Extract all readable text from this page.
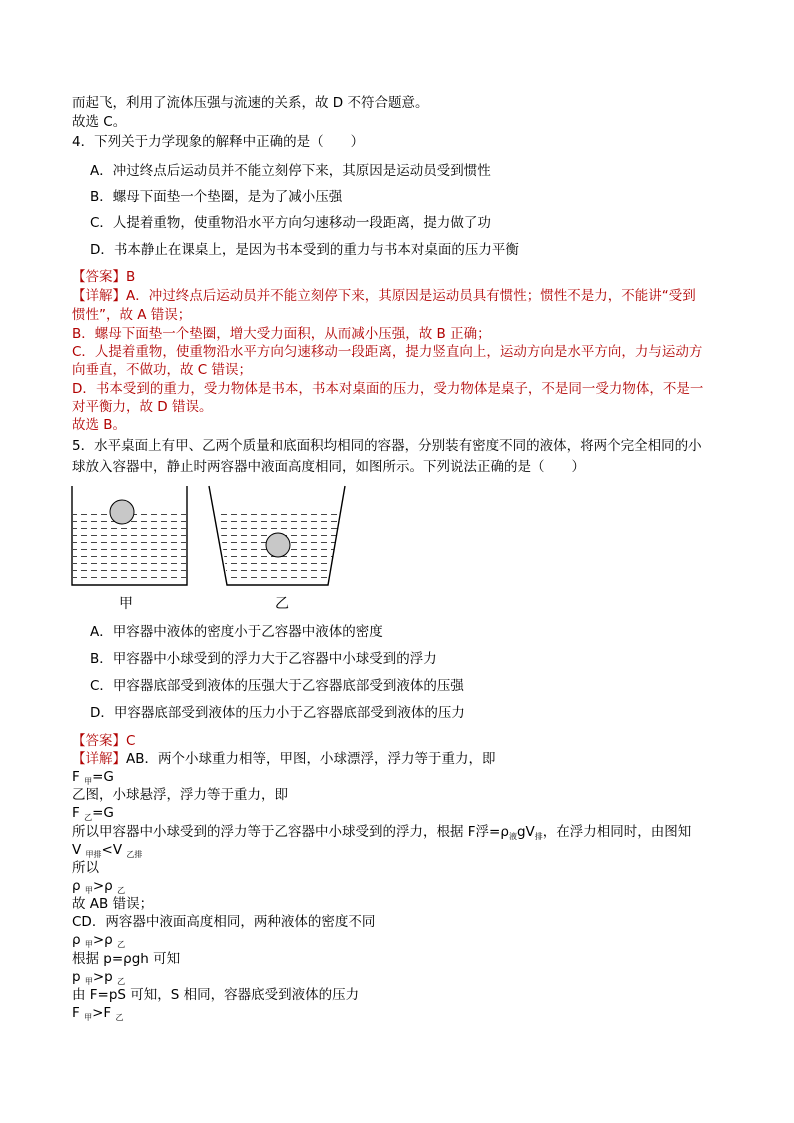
而起飞，利用了流体压强与流速的关系，故 D 不符合题意。
故选 C。
4．下列关于力学现象的解释中正确的是（　　）
A．冲过终点后运动员并不能立刻停下来，其原因是运动员受到惯性
B．螺母下面垫一个垫圈，是为了减小压强
C．人提着重物，使重物沿水平方向匀速移动一段距离，提力做了功
D．书本静止在课桌上，是因为书本受到的重力与书本对桌面的压力平衡
【答案】B
【详解】A．冲过终点后运动员并不能立刻停下来，其原因是运动员具有惯性；惯性不是力，不能讲“受到
惯性”，故 A 错误；
B．螺母下面垫一个垫圈，增大受力面积，从而减小压强，故 B 正确；
C．人提着重物，使重物沿水平方向匀速移动一段距离，提力竖直向上，运动方向是水平方向，力与运动方
向垂直，不做功，故 C 错误；
D．书本受到的重力，受力物体是书本，书本对桌面的压力，受力物体是桌子，不是同一受力物体，不是一
对平衡力，故 D 错误。
故选 B。
5．水平桌面上有甲、乙两个质量和底面积均相同的容器，分别装有密度不同的液体，将两个完全相同的小
球放入容器中，静止时两容器中液面高度相同，如图所示。下列说法正确的是（　　）
甲	乙
A．甲容器中液体的密度小于乙容器中液体的密度
B．甲容器中小球受到的浮力大于乙容器中小球受到的浮力
C．甲容器底部受到液体的压强大于乙容器底部受到液体的压强
D．甲容器底部受到液体的压力小于乙容器底部受到液体的压力
【答案】C
【详解】AB．两个小球重力相等，甲图，小球漂浮，浮力等于重力，即
F $_甲$=G
乙图，小球悬浮，浮力等于重力，即
F $_乙$=G
所以甲容器中小球受到的浮力等于乙容器中小球受到的浮力，根据 F浮$=\rho_液gV_排$，在浮力相同时，由图知
V $_{甲排}$<V $_{乙排}$
所以
ρ $_甲$>ρ $_乙$
故 AB 错误；
CD．两容器中液面高度相同，两种液体的密度不同
ρ $_甲$>ρ $_乙$
根据 p=ρgh 可知
p $_甲$>p $_乙$
由 F=pS 可知，S 相同，容器底受到液体的压力
F $_甲$>F $_乙$
